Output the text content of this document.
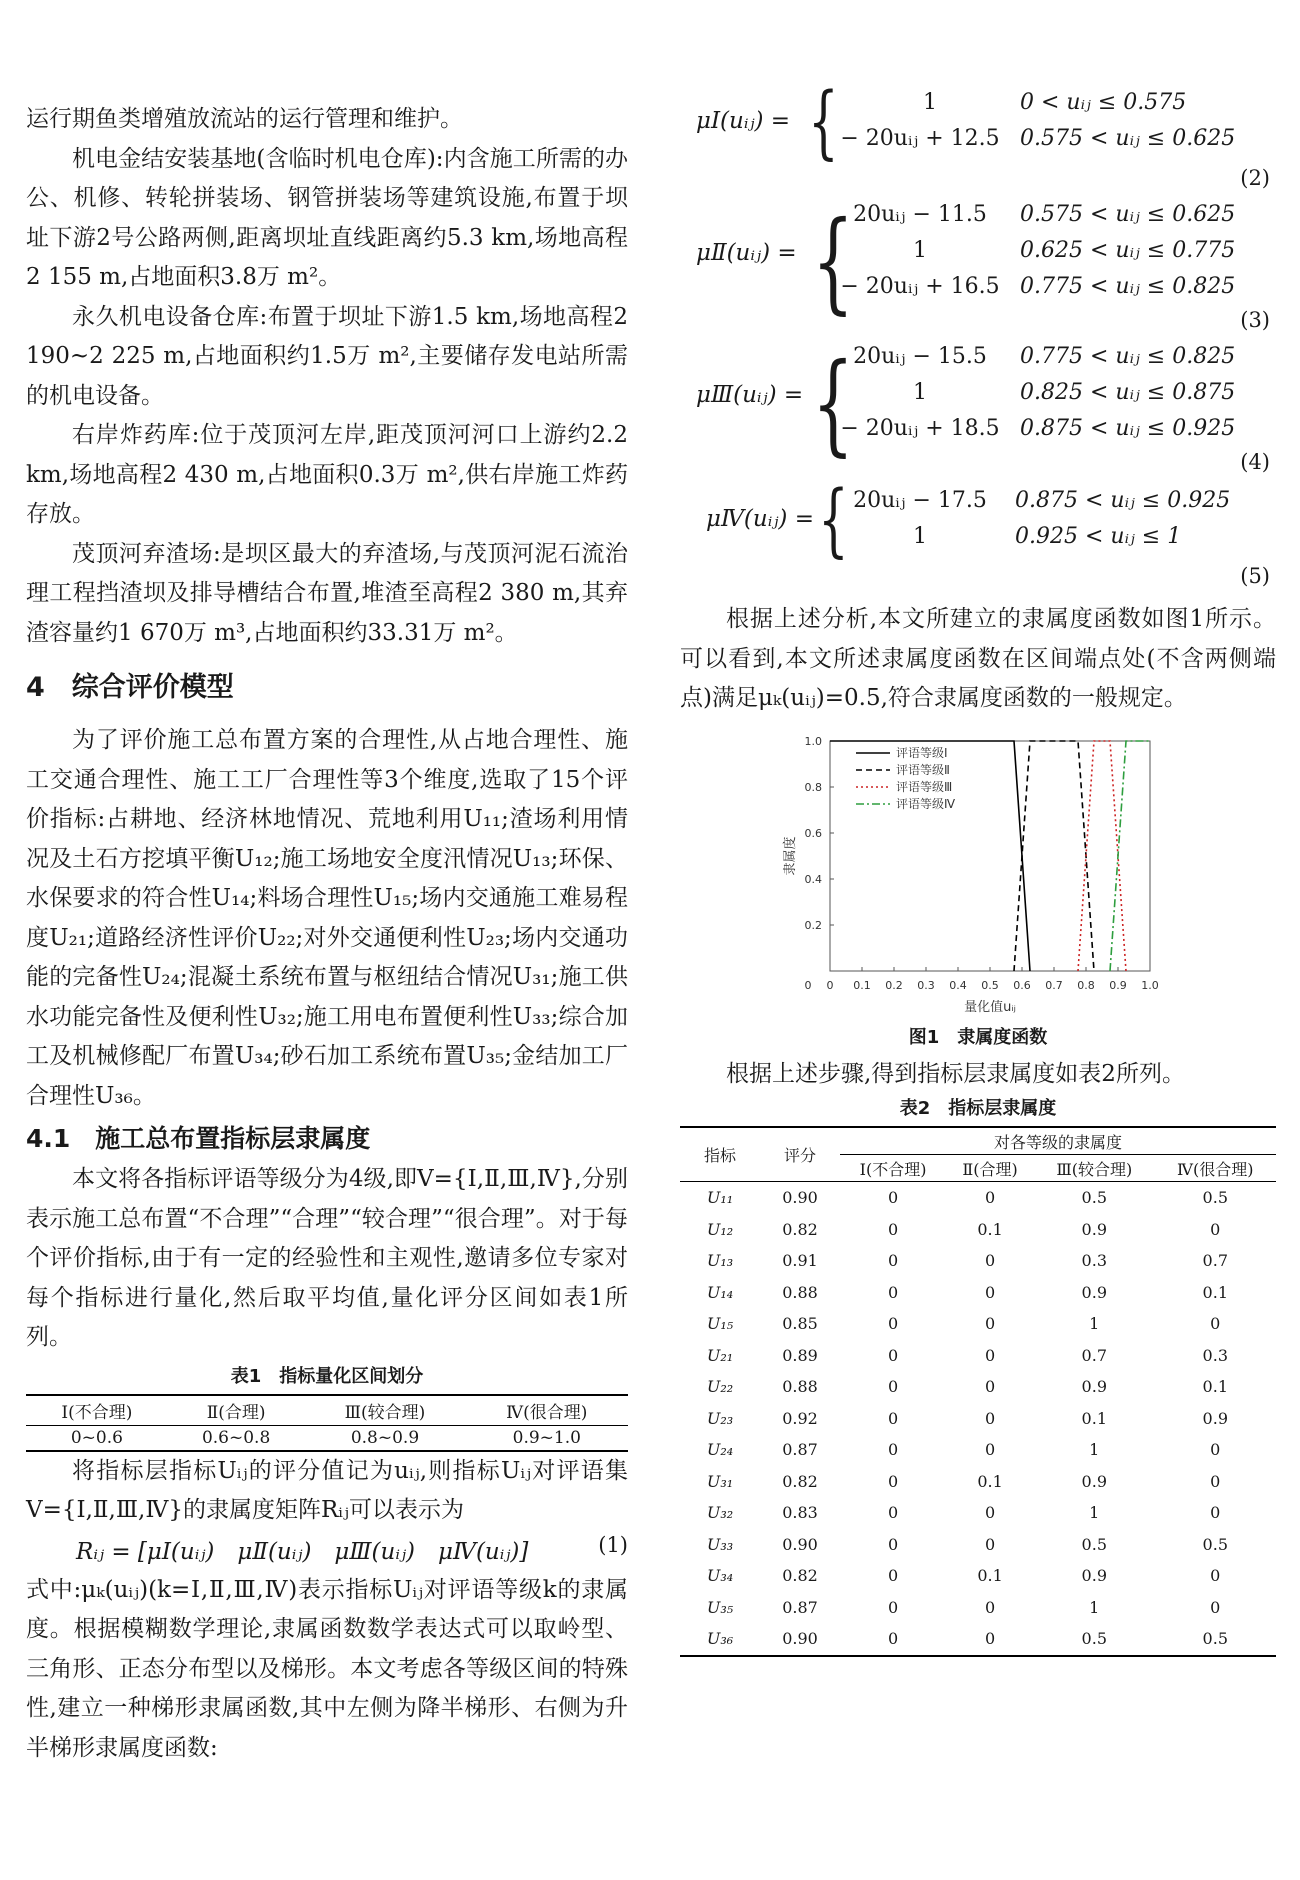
运行期鱼类增殖放流站的运行管理和维护。

机电金结安装基地(含临时机电仓库):内含施工所需的办公、机修、转轮拼装场、钢管拼装场等建筑设施,布置于坝址下游2号公路两侧,距离坝址直线距离约5.3 km,场地高程2 155 m,占地面积3.8万 m²。

永久机电设备仓库:布置于坝址下游1.5 km,场地高程2 190~2 225 m,占地面积约1.5万 m²,主要储存发电站所需的机电设备。

右岸炸药库:位于茂顶河左岸,距茂顶河河口上游约2.2 km,场地高程2 430 m,占地面积0.3万 m²,供右岸施工炸药存放。

茂顶河弃渣场:是坝区最大的弃渣场,与茂顶河泥石流治理工程挡渣坝及排导槽结合布置,堆渣至高程2 380 m,其弃渣容量约1 670万 m³,占地面积约33.31万 m²。

4　综合评价模型

为了评价施工总布置方案的合理性,从占地合理性、施工交通合理性、施工工厂合理性等3个维度,选取了15个评价指标:占耕地、经济林地情况、荒地利用U₁₁;渣场利用情况及土石方挖填平衡U₁₂;施工场地安全度汛情况U₁₃;环保、水保要求的符合性U₁₄;料场合理性U₁₅;场内交通施工难易程度U₂₁;道路经济性评价U₂₂;对外交通便利性U₂₃;场内交通功能的完备性U₂₄;混凝土系统布置与枢纽结合情况U₃₁;施工供水功能完备性及便利性U₃₂;施工用电布置便利性U₃₃;综合加工及机械修配厂布置U₃₄;砂石加工系统布置U₃₅;金结加工厂合理性U₃₆。

4.1　施工总布置指标层隶属度

本文将各指标评语等级分为4级,即V={Ⅰ,Ⅱ,Ⅲ,Ⅳ},分别表示施工总布置“不合理”“合理”“较合理”“很合理”。对于每个评价指标,由于有一定的经验性和主观性,邀请多位专家对每个指标进行量化,然后取平均值,量化评分区间如表1所列。

表1　指标量化区间划分
Ⅰ(不合理)	Ⅱ(合理)	Ⅲ(较合理)	Ⅳ(很合理)
0~0.6	0.6~0.8	0.8~0.9	0.9~1.0

将指标层指标Uᵢⱼ的评分值记为uᵢⱼ,则指标Uᵢⱼ对评语集V={Ⅰ,Ⅱ,Ⅲ,Ⅳ}的隶属度矩阵Rᵢⱼ可以表示为

Rᵢⱼ = [μⅠ(uᵢⱼ)　μⅡ(uᵢⱼ)　μⅢ(uᵢⱼ)　μⅣ(uᵢⱼ)]	(1)

式中:μₖ(uᵢⱼ)(k=Ⅰ,Ⅱ,Ⅲ,Ⅳ)表示指标Uᵢⱼ对评语等级k的隶属度。根据模糊数学理论,隶属函数数学表达式可以取岭型、三角形、正态分布型以及梯形。本文考虑各等级区间的特殊性,建立一种梯形隶属函数,其中左侧为降半梯形、右侧为升半梯形隶属度函数:

μⅠ(uᵢⱼ) = {	1	0 < uᵢⱼ ≤ 0.575
− 20uᵢⱼ + 12.5 0.575 < uᵢⱼ ≤ 0.625
(2)
μⅡ(uᵢⱼ) = { 20uᵢⱼ − 11.5	0.575 < uᵢⱼ ≤ 0.625
1	0.625 < uᵢⱼ ≤ 0.775
− 20uᵢⱼ + 16.5 0.775 < uᵢⱼ ≤ 0.825
(3)
μⅢ(uᵢⱼ) = { 20uᵢⱼ − 15.5	0.775 < uᵢⱼ ≤ 0.825
1	0.825 < uᵢⱼ ≤ 0.875
− 20uᵢⱼ + 18.5 0.875 < uᵢⱼ ≤ 0.925
(4)
μⅣ(uᵢⱼ) = { 20uᵢⱼ − 17.5	0.875 < uᵢⱼ ≤ 0.925
1	0.925 < uᵢⱼ ≤ 1
(5)

根据上述分析,本文所建立的隶属度函数如图1所示。可以看到,本文所述隶属度函数在区间端点处(不含两侧端点)满足μₖ(uᵢⱼ)=0.5,符合隶属度函数的一般规定。

0 0.1 0.2 0.3 0.4 0.5 0.6 0.7 0.8 0.9 1.0
0
0.2
0.4
0.6
0.8
1.0
量化值uᵢⱼ
隶属度
评语等级Ⅰ
评语等级Ⅱ
评语等级Ⅲ
评语等级Ⅳ
图1　隶属度函数

根据上述步骤,得到指标层隶属度如表2所列。

表2　指标层隶属度
指标	评分	对各等级的隶属度			
		Ⅰ(不合理)	Ⅱ(合理)	Ⅲ(较合理)	Ⅳ(很合理)
U₁₁	0.90	0	0	0.5	0.5
U₁₂	0.82	0	0.1	0.9	0
U₁₃	0.91	0	0	0.3	0.7
U₁₄	0.88	0	0	0.9	0.1
U₁₅	0.85	0	0	1	0
U₂₁	0.89	0	0	0.7	0.3
U₂₂	0.88	0	0	0.9	0.1
U₂₃	0.92	0	0	0.1	0.9
U₂₄	0.87	0	0	1	0
U₃₁	0.82	0	0.1	0.9	0
U₃₂	0.83	0	0	1	0
U₃₃	0.90	0	0	0.5	0.5
U₃₄	0.82	0	0.1	0.9	0
U₃₅	0.87	0	0	1	0
U₃₆	0.90	0	0	0.5	0.5
